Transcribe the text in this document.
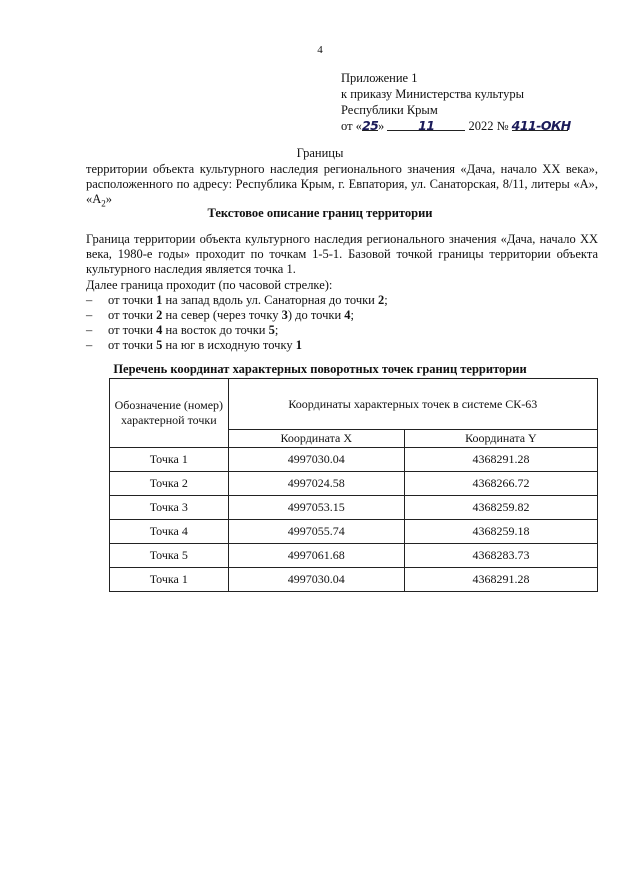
4
Приложение 1
к приказу Министерства культуры
Республики Крым
от «25»	11	2022 № 411-ОКН
Границы
территории объекта культурного наследия регионального значения «Дача, начало XX века», расположенного по адресу: Республика Крым, г. Евпатория, ул. Санаторская, 8/11, литеры «А», «$А_2$»
Текстовое описание границ территории
Граница территории объекта культурного наследия регионального значения «Дача, начало XX века, 1980-е годы» проходит по точкам 1-5-1. Базовой точкой границы территории объекта культурного наследия является точка 1.
Далее граница проходит (по часовой стрелке):
– от точки 1 на запад вдоль ул. Санаторная до точки 2;
– от точки 2 на север (через точку 3) до точки 4;
– от точки 4 на восток до точки 5;
– от точки 5 на юг в исходную точку 1
Перечень координат характерных поворотных точек границ территории
Обозначение (номер) характерной точки	Координаты характерных точек в системе СК-63	
	Координата X	Координата Y
Точка 1	4997030.04	4368291.28
Точка 2	4997024.58	4368266.72
Точка 3	4997053.15	4368259.82
Точка 4	4997055.74	4368259.18
Точка 5	4997061.68	4368283.73
Точка 1	4997030.04	4368291.28
